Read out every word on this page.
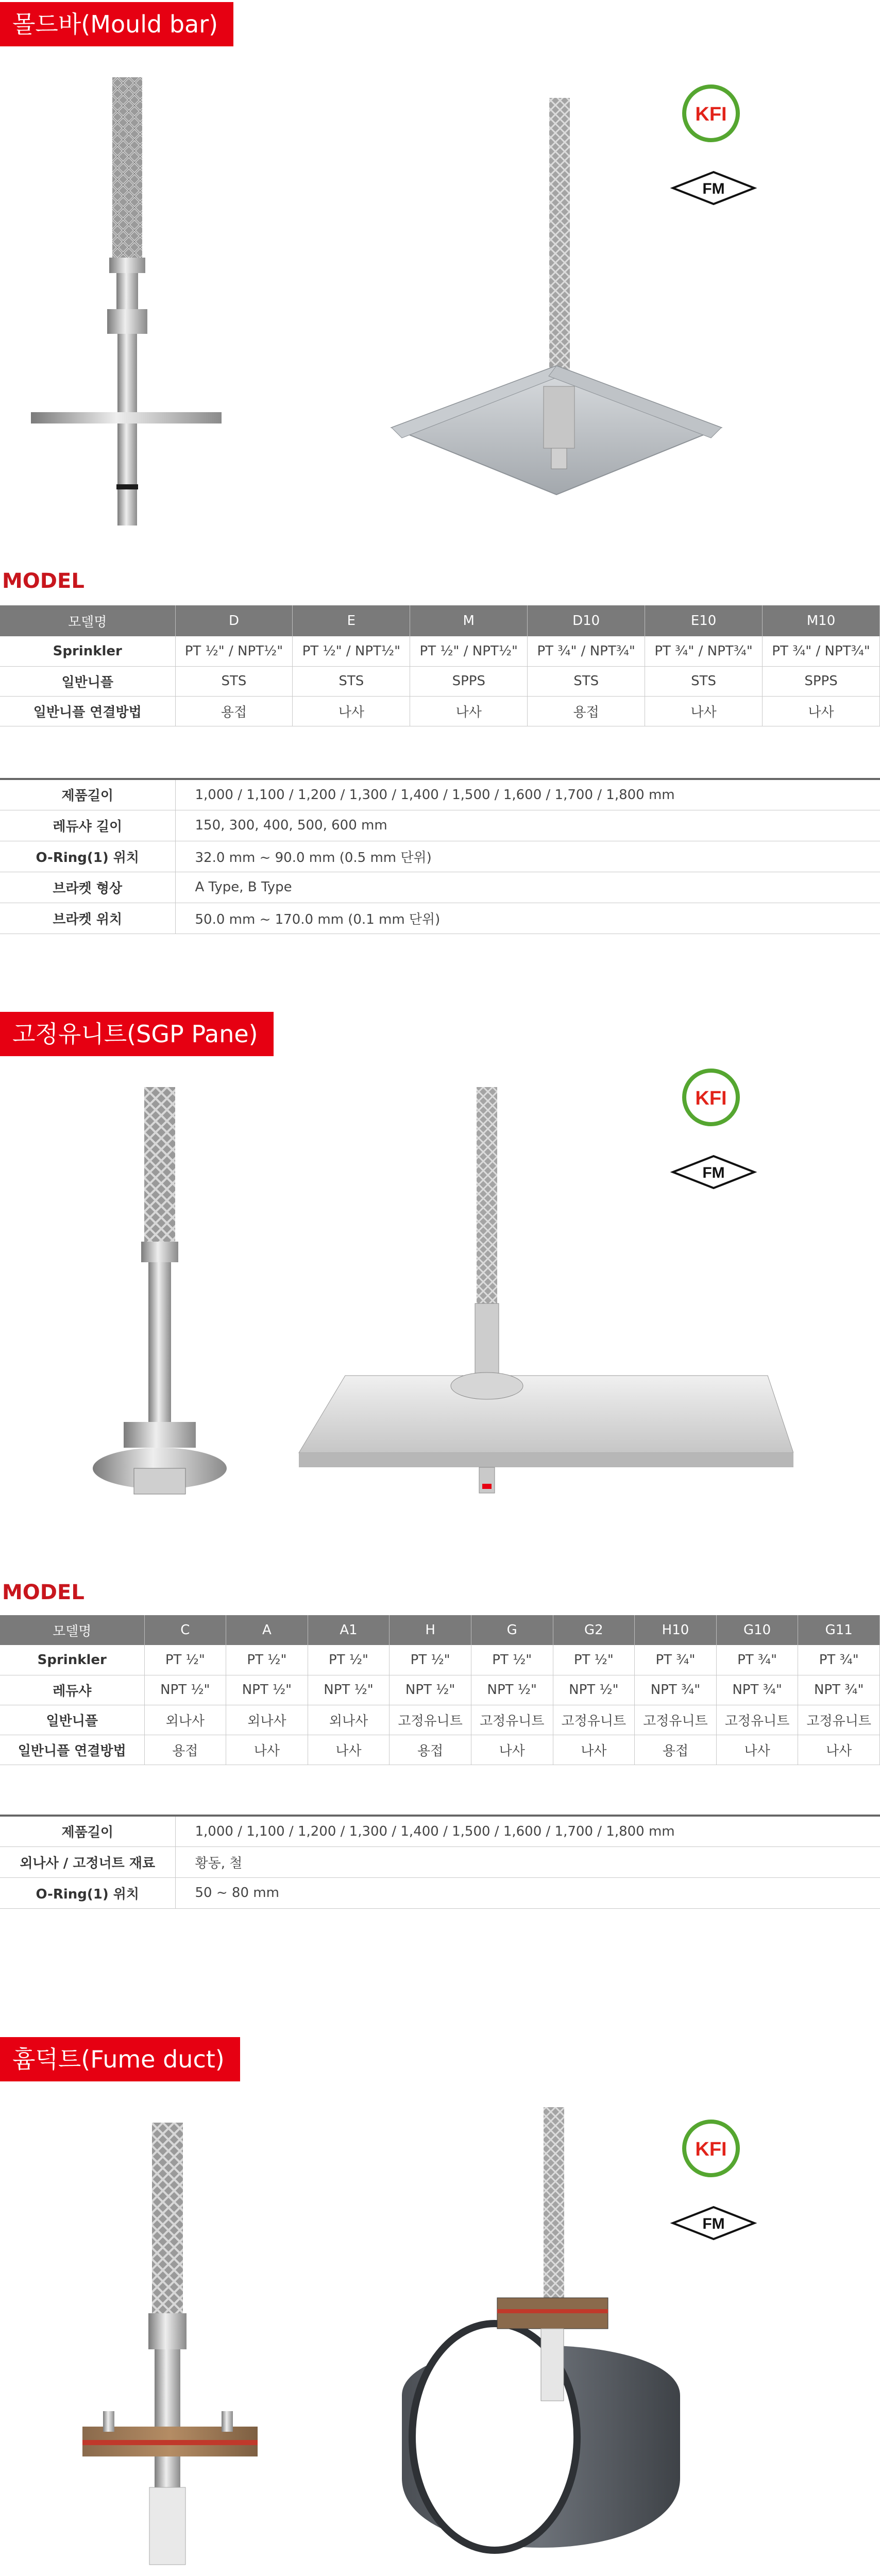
몰드바(Mould bar)
KFI
FM
MODEL
모델명	D	E	M	D10	E10	M10
Sprinkler	PT ½" / NPT½"	PT ½" / NPT½"	PT ½" / NPT½"	PT ¾" / NPT¾"	PT ¾" / NPT¾"	PT ¾" / NPT¾"
일반니플	STS	STS	SPPS	STS	STS	SPPS
일반니플 연결방법	용접	나사	나사	용접	나사	나사
제품길이	1,000 / 1,100 / 1,200 / 1,300 / 1,400 / 1,500 / 1,600 / 1,700 / 1,800 mm
레듀샤 길이	150, 300, 400, 500, 600 mm
O-Ring(1) 위치	32.0 mm ~ 90.0 mm (0.5 mm 단위)
브라켓 형상	A Type, B Type
브라켓 위치	50.0 mm ~ 170.0 mm (0.1 mm 단위)
고정유니트(SGP Pane)
KFI
FM
MODEL
모델명	C	A	A1	H	G	G2	H10	G10	G11
Sprinkler	PT ½"	PT ½"	PT ½"	PT ½"	PT ½"	PT ½"	PT ¾"	PT ¾"	PT ¾"
레듀샤	NPT ½"	NPT ½"	NPT ½"	NPT ½"	NPT ½"	NPT ½"	NPT ¾"	NPT ¾"	NPT ¾"
일반니플	외나사	외나사	외나사	고정유니트	고정유니트	고정유니트	고정유니트	고정유니트	고정유니트
일반니플 연결방법	용접	나사	나사	용접	나사	나사	용접	나사	나사
제품길이	1,000 / 1,100 / 1,200 / 1,300 / 1,400 / 1,500 / 1,600 / 1,700 / 1,800 mm
외나사 / 고정너트 재료	황동, 철
O-Ring(1) 위치	50 ~ 80 mm
흄덕트(Fume duct)
KFI
FM
